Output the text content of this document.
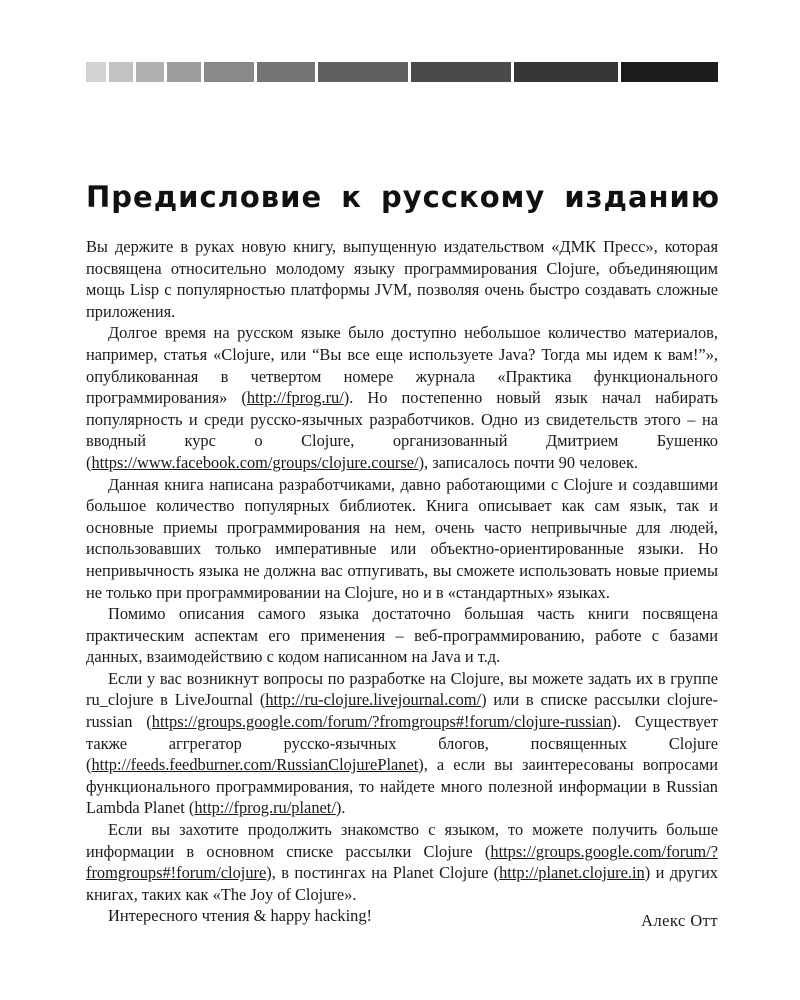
Предисловие к русскому изданию

Вы держите в руках новую книгу, выпущенную издательством «ДМК Пресс», которая посвящена относительно молодому языку программирования Clojure, объединяющим мощь Lisp с популярностью платформы JVM, позволяя очень быстро создавать сложные приложения.

Долгое время на русском языке было доступно небольшое количество материалов, например, статья «Clojure, или “Вы все еще используете Java? Тогда мы идем к вам!”», опубликованная в четвертом номере журнала «Практика функционального программирования» (http://fprog.ru/). Но постепенно новый язык начал набирать популярность и среди русско-язычных разработчиков. Одно из свидетельств этого – на вводный курс о Clojure, организованный Дмитрием Бушенко (https://www.facebook.com/groups/clojure.course/), записалось почти 90 человек.

Данная книга написана разработчиками, давно работающими с Clojure и создавшими большое количество популярных библиотек. Книга описывает как сам язык, так и основные приемы программирования на нем, очень часто непривычные для людей, использовавших только императивные или объектно-ориентированные языки. Но непривычность языка не должна вас отпугивать, вы сможете использовать новые приемы не только при программировании на Clojure, но и в «стандартных» языках.

Помимо описания самого языка достаточно большая часть книги посвящена практическим аспектам его применения – веб-программированию, работе с базами данных, взаимодействию с кодом написанном на Java и т.д.

Если у вас возникнут вопросы по разработке на Clojure, вы можете задать их в группе ru_clojure в LiveJournal (http://ru-clojure.livejournal.com/) или в списке рассылки clojure-russian (https://groups.google.com/forum/?fromgroups#!forum/clojure-russian). Существует также аггрегатор русско-язычных блогов, посвященных Clojure (http://feeds.feedburner.com/RussianClojurePlanet), а если вы заинтересованы вопросами функционального программирования, то найдете много полезной информации в Russian Lambda Planet (http://fprog.ru/planet/).

Если вы захотите продолжить знакомство с языком, то можете получить больше информации в основном списке рассылки Clojure (https://groups.google.com/forum/?fromgroups#!forum/clojure), в постингах на Planet Clojure (http://planet.clojure.in) и других книгах, таких как «The Joy of Clojure».

Интересного чтения & happy hacking!	Алекс Отт
